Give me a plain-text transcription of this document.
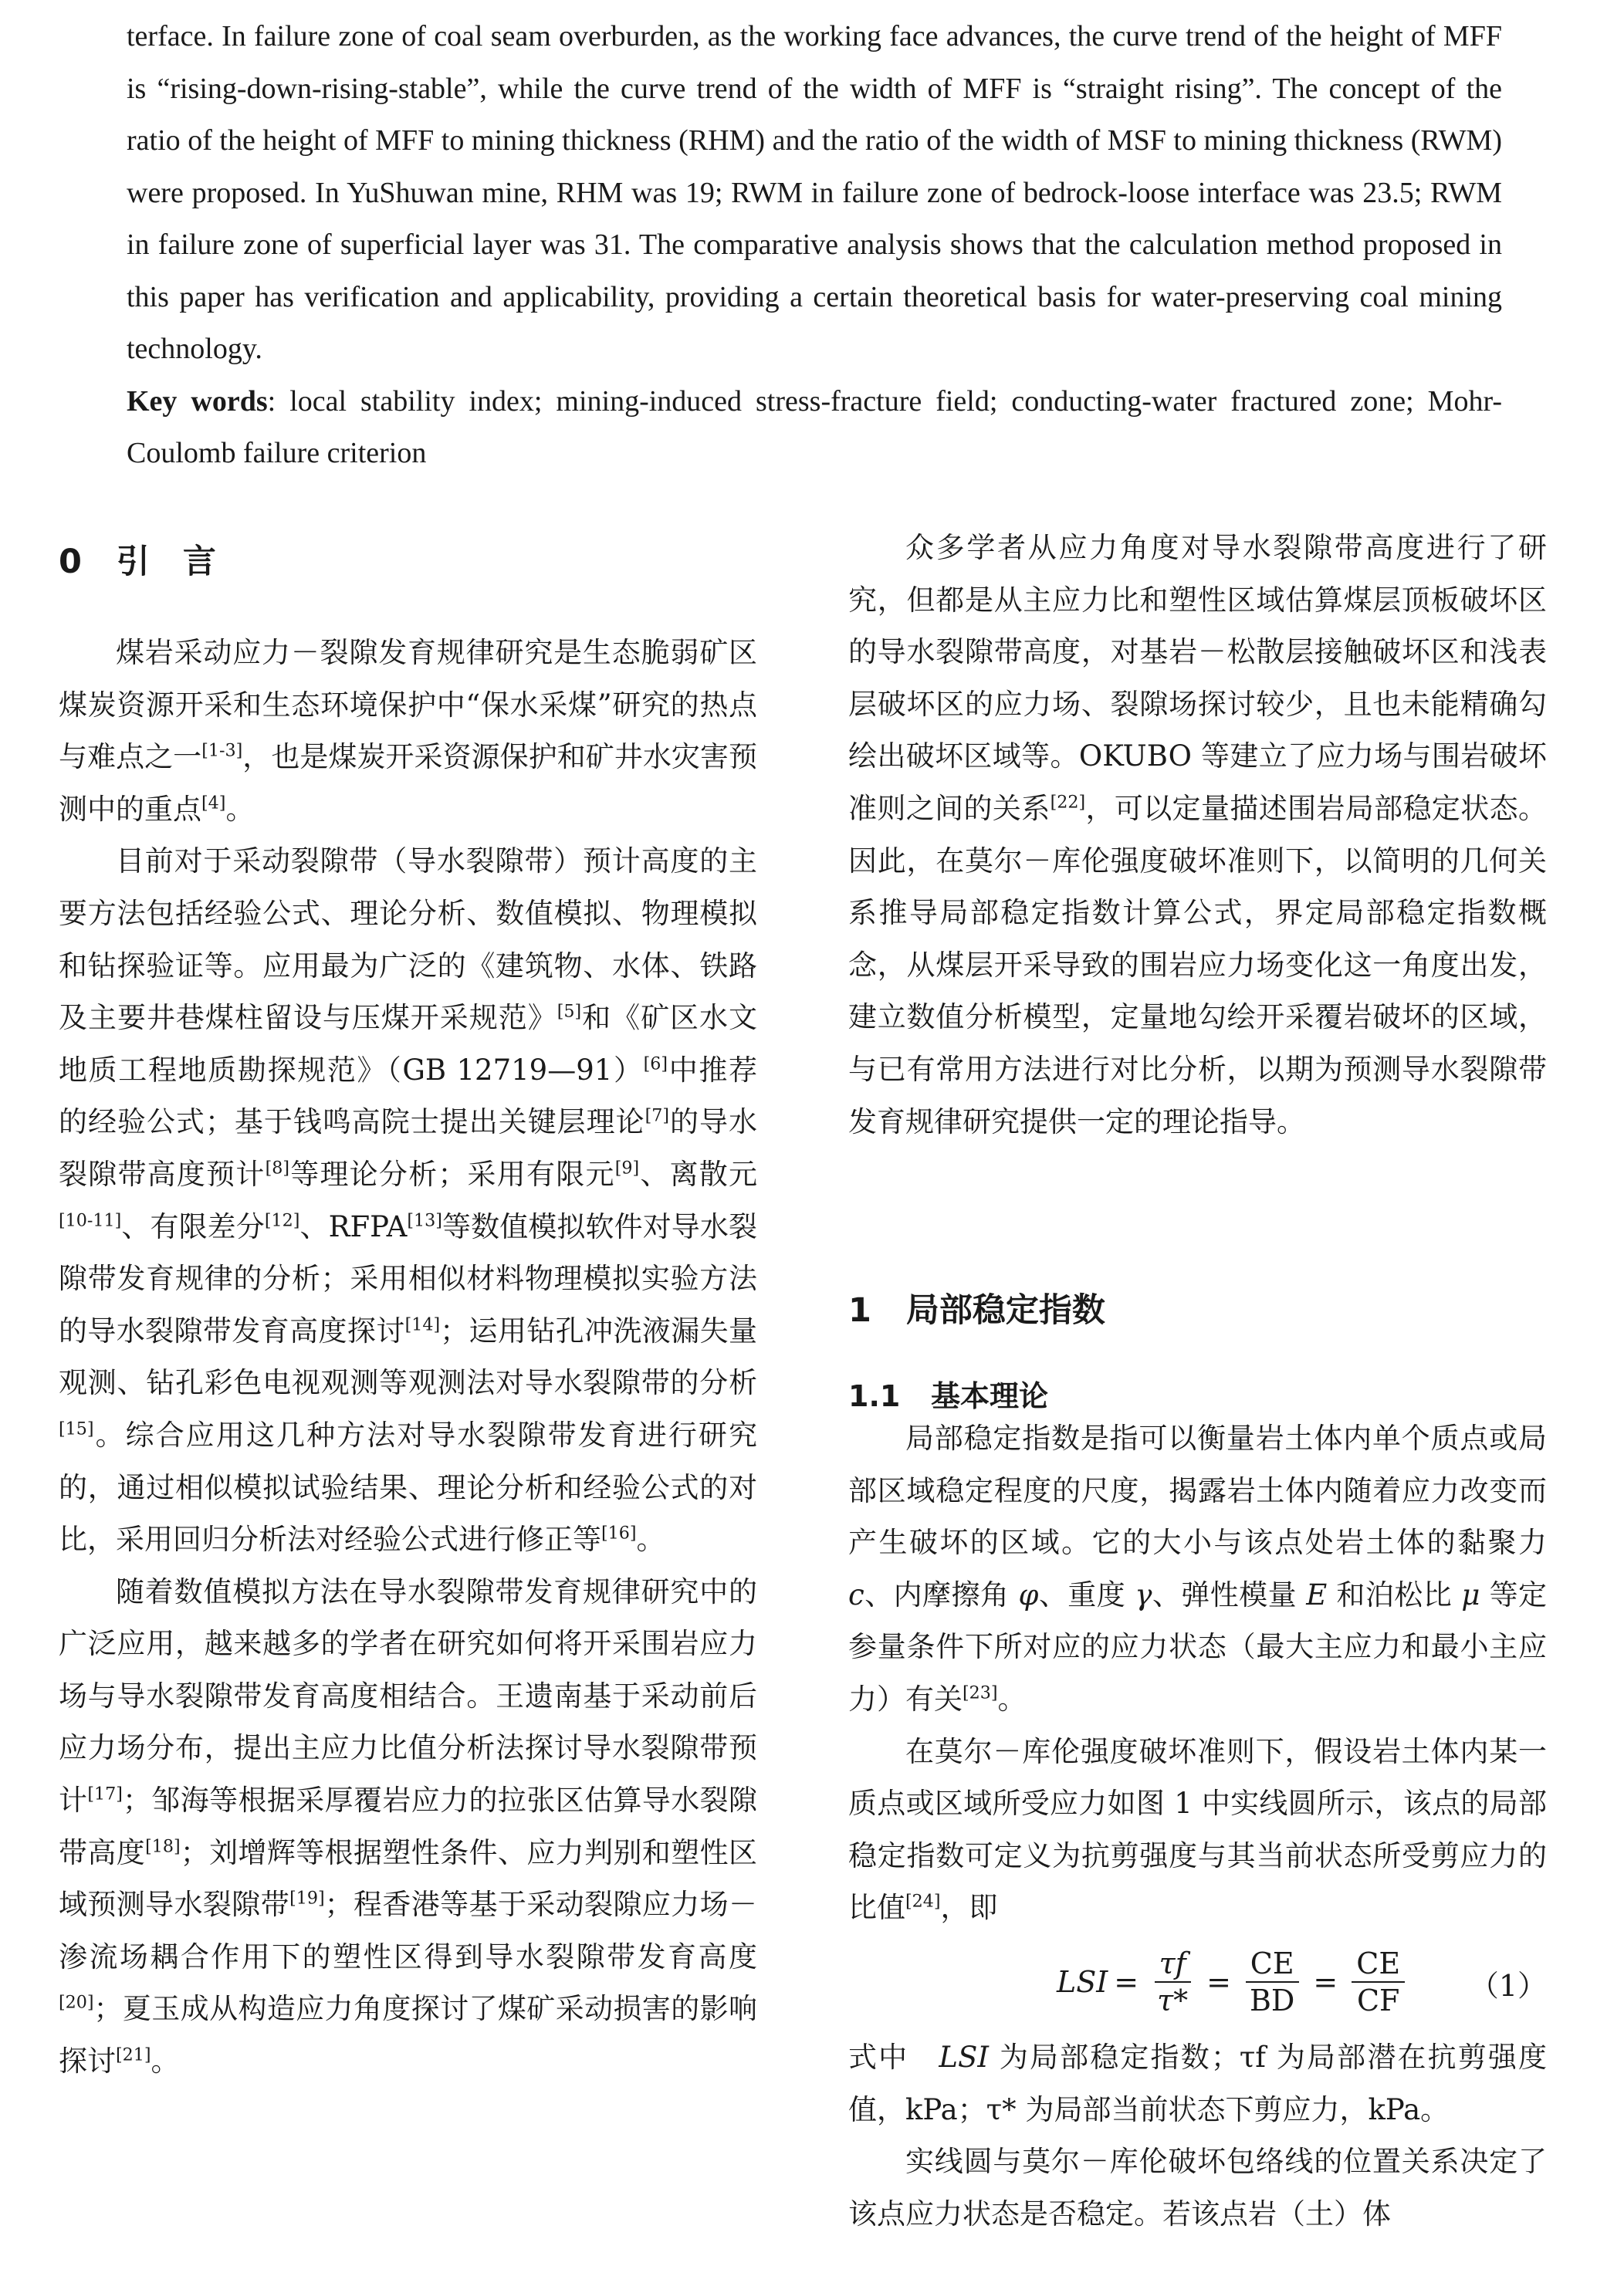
terface. In failure zone of coal seam overburden, as the working face advances, the curve trend of the height of MFF is “rising-down-rising-stable”, while the curve trend of the width of MFF is “straight rising”. The concept of the ratio of the height of MFF to mining thickness (RHM) and the ratio of the width of MSF to mining thickness (RWM) were proposed. In YuShuwan mine, RHM was 19; RWM in failure zone of bedrock-loose interface was 23.5; RWM in failure zone of superficial layer was 31. The comparative analysis shows that the calculation method proposed in this paper has verification and applicability, providing a certain theoretical basis for water-preserving coal mining technology.
Key words: local stability index; mining-induced stress-fracture field; conducting-water fractured zone; Mohr-Coulomb failure criterion
0 引　言

煤岩采动应力－裂隙发育规律研究是生态脆弱矿区煤炭资源开采和生态环境保护中“保水采煤”研究的热点与难点之一[1-3]，也是煤炭开采资源保护和矿井水灾害预测中的重点[4]。

目前对于采动裂隙带（导水裂隙带）预计高度的主要方法包括经验公式、理论分析、数值模拟、物理模拟和钻探验证等。应用最为广泛的《建筑物、水体、铁路及主要井巷煤柱留设与压煤开采规范》[5]和《矿区水文地质工程地质勘探规范》（GB 12719—91）[6]中推荐的经验公式；基于钱鸣高院士提出关键层理论[7]的导水裂隙带高度预计[8]等理论分析；采用有限元[9]、离散元[10-11]、有限差分[12]、RFPA[13]等数值模拟软件对导水裂隙带发育规律的分析；采用相似材料物理模拟实验方法的导水裂隙带发育高度探讨[14]；运用钻孔冲洗液漏失量观测、钻孔彩色电视观测等观测法对导水裂隙带的分析[15]。综合应用这几种方法对导水裂隙带发育进行研究的，通过相似模拟试验结果、理论分析和经验公式的对比，采用回归分析法对经验公式进行修正等[16]。

随着数值模拟方法在导水裂隙带发育规律研究中的广泛应用，越来越多的学者在研究如何将开采围岩应力场与导水裂隙带发育高度相结合。王遗南基于采动前后应力场分布，提出主应力比值分析法探讨导水裂隙带预计[17]；邹海等根据采厚覆岩应力的拉张区估算导水裂隙带高度[18]；刘增辉等根据塑性条件、应力判别和塑性区域预测导水裂隙带[19]；程香港等基于采动裂隙应力场－渗流场耦合作用下的塑性区得到导水裂隙带发育高度[20]；夏玉成从构造应力角度探讨了煤矿采动损害的影响探讨[21]。

众多学者从应力角度对导水裂隙带高度进行了研究，但都是从主应力比和塑性区域估算煤层顶板破坏区的导水裂隙带高度，对基岩－松散层接触破坏区和浅表层破坏区的应力场、裂隙场探讨较少，且也未能精确勾绘出破坏区域等。OKUBO 等建立了应力场与围岩破坏准则之间的关系[22]，可以定量描述围岩局部稳定状态。因此，在莫尔－库伦强度破坏准则下，以简明的几何关系推导局部稳定指数计算公式，界定局部稳定指数概念，从煤层开采导致的围岩应力场变化这一角度出发，建立数值分析模型，定量地勾绘开采覆岩破坏的区域，与已有常用方法进行对比分析，以期为预测导水裂隙带发育规律研究提供一定的理论指导。

1 局部稳定指数
1.1 基本理论

局部稳定指数是指可以衡量岩土体内单个质点或局部区域稳定程度的尺度，揭露岩土体内随着应力改变而产生破坏的区域。它的大小与该点处岩土体的黏聚力 c、内摩擦角 φ、重度 γ、弹性模量 E 和泊松比 μ 等定参量条件下所对应的应力状态（最大主应力和最小主应力）有关[23]。

在莫尔－库伦强度破坏准则下，假设岩土体内某一质点或区域所受应力如图 1 中实线圆所示，该点的局部稳定指数可定义为抗剪强度与其当前状态所受剪应力的比值[24]，即

LSI = $\frac{\tau f}{\tau*} = \frac{CE}{BD} = \frac{CE}{CF} (1)$

式中　LSI 为局部稳定指数；τf 为局部潜在抗剪强度值，kPa；τ* 为局部当前状态下剪应力，kPa。

实线圆与莫尔－库伦破坏包络线的位置关系决定了该点应力状态是否稳定。若该点岩（土）体
